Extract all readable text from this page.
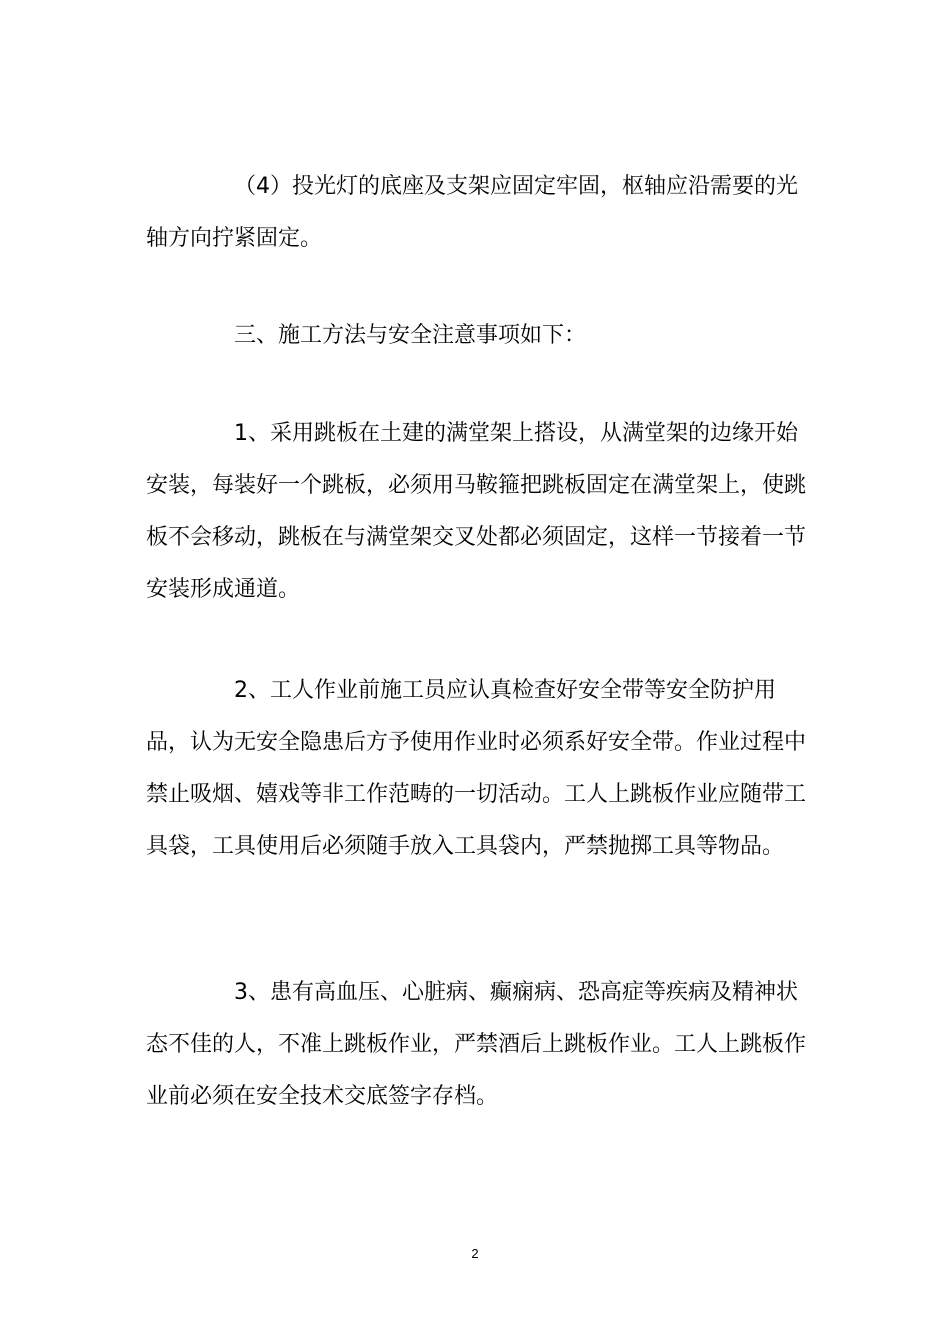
（4）投光灯的底座及支架应固定牢固，枢轴应沿需要的光轴方向拧紧固定。

三、施工方法与安全注意事项如下：

1、采用跳板在土建的满堂架上搭设，从满堂架的边缘开始安装，每装好一个跳板，必须用马鞍箍把跳板固定在满堂架上，使跳板不会移动，跳板在与满堂架交叉处都必须固定，这样一节接着一节安装形成通道。

2、工人作业前施工员应认真检查好安全带等安全防护用品，认为无安全隐患后方予使用作业时必须系好安全带。作业过程中禁止吸烟、嬉戏等非工作范畴的一切活动。工人上跳板作业应随带工具袋，工具使用后必须随手放入工具袋内，严禁抛掷工具等物品。

3、患有高血压、心脏病、癫痫病、恐高症等疾病及精神状态不佳的人，不准上跳板作业，严禁酒后上跳板作业。工人上跳板作业前必须在安全技术交底签字存档。

2
